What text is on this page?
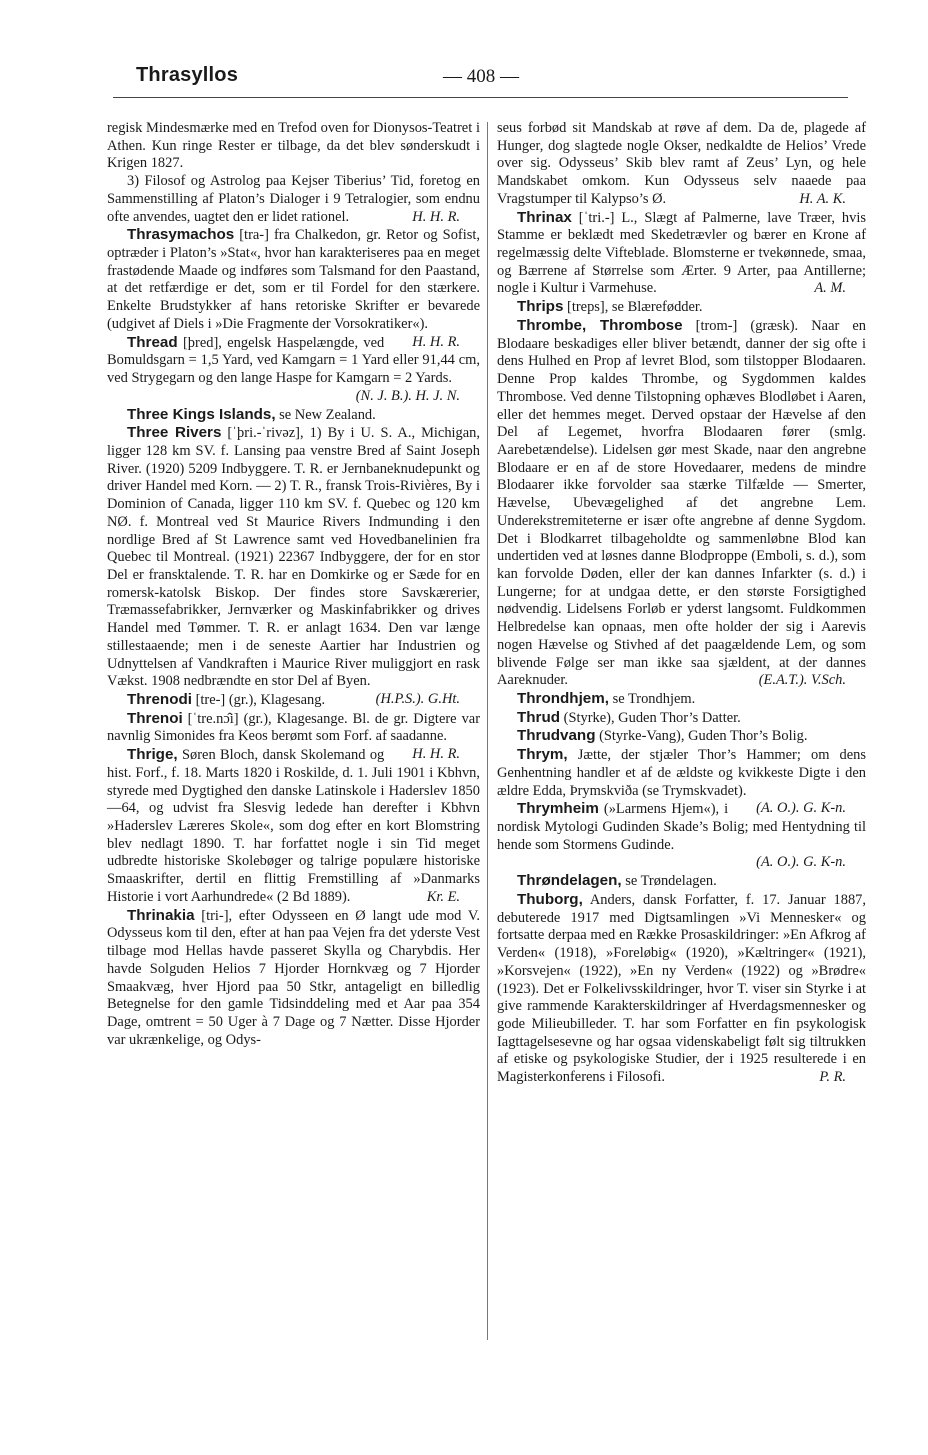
Thrasyllos	— 408 —

regisk Mindesmærke med en Trefod oven for Dionysos-Teatret i Athen. Kun ringe Rester er tilbage, da det blev sønderskudt i Krigen 1827.

3) Filosof og Astrolog paa Kejser Tiberius’ Tid, foretog en Sammenstilling af Platon’s Dialoger i 9 Tetralogier, som endnu ofte anvendes, uagtet den er lidet rationel.	H. H. R.

Thrasymachos [tra-] fra Chalkedon, gr. Retor og Sofist, optræder i Platon’s »Stat«, hvor han karakteriseres paa en meget frastødende Maade og indføres som Talsmand for den Paastand, at det retfærdige er det, som er til Fordel for den stærkere. Enkelte Brudstykker af hans retoriske Skrifter er bevarede (udgivet af Diels i »Die Fragmente der Vorsokratiker«).
H. H. R.

Thread [þred], engelsk Haspelængde, ved Bomuldsgarn = 1,5 Yard, ved Kamgarn = 1 Yard eller 91,44 cm, ved Strygegarn og den lange Haspe for Kamgarn = 2 Yards.

(N. J. B.). H. J. N.

Three Kings Islands, se New Zealand.

Three Rivers [ˈþri.-ˈrivəz], 1) By i U. S. A., Michigan, ligger 128 km SV. f. Lansing paa venstre Bred af Saint Joseph River. (1920) 5209 Indbyggere. T. R. er Jernbaneknudepunkt og driver Handel med Korn. — 2) T. R., fransk Trois-Rivières, By i Dominion of Canada, ligger 110 km SV. f. Quebec og 120 km NØ. f. Montreal ved St Maurice Rivers Indmunding i den nordlige Bred af St Lawrence samt ved Hovedbanelinien fra Quebec til Montreal. (1921) 22367 Indbyggere, der for en stor Del er fransktalende. T. R. har en Domkirke og er Sæde for en romersk-katolsk Biskop. Der findes store Savskærerier, Træmassefabrikker, Jernværker og Maskinfabrikker og drives Handel med Tømmer. T. R. er anlagt 1634. Den var længe stillestaaende; men i de seneste Aartier har Industrien og Udnyttelsen af Vandkraften i Maurice River muliggjort en rask Vækst. 1908 nedbrændte en stor Del af Byen.
(H.P.S.). G.Ht.

Threnodi [tre-] (gr.), Klagesang.

Threnoi [ˈtre.nɔ̂i] (gr.), Klagesange. Bl. de gr. Digtere var navnlig Simonides fra Keos berømt som Forf. af saadanne.
H. H. R.

Thrige, Søren Bloch, dansk Skolemand og hist. Forf., f. 18. Marts 1820 i Roskilde, d. 1. Juli 1901 i Kbhvn, styrede med Dygtighed den danske Latinskole i Haderslev 1850—64, og udvist fra Slesvig ledede han derefter i Kbhvn »Haderslev Læreres Skole«, som dog efter en kort Blomstring blev nedlagt 1890. T. har forfattet nogle i sin Tid meget udbredte historiske Skolebøger og talrige populære historiske Smaaskrifter, dertil en flittig Fremstilling af »Danmarks Historie i vort Aarhundrede« (2 Bd 1889).	Kr. E.

Thrinakia [tri-], efter Odysseen en Ø langt ude mod V. Odysseus kom til den, efter at han paa Vejen fra det yderste Vest tilbage mod Hellas havde passeret Skylla og Charybdis. Her havde Solguden Helios 7 Hjorder Hornkvæg og 7 Hjorder Smaakvæg, hver Hjord paa 50 Stkr, antageligt en billedlig Betegnelse for den gamle Tidsinddeling med et Aar paa 354 Dage, omtrent = 50 Uger à 7 Dage og 7 Nætter. Disse Hjorder var ukrænkelige, og Odys-

seus forbød sit Mandskab at røve af dem. Da de, plagede af Hunger, dog slagtede nogle Okser, nedkaldte de Helios’ Vrede over sig. Odysseus’ Skib blev ramt af Zeus’ Lyn, og hele Mandskabet omkom. Kun Odysseus selv naaede paa Vragstumper til Kalypso’s Ø.	H. A. K.

Thrinax [ˈtri.-] L., Slægt af Palmerne, lave Træer, hvis Stamme er beklædt med Skedetrævler og bærer en Krone af regelmæssig delte Vifteblade. Blomsterne er tvekønnede, smaa, og Bærrene af Størrelse som Ærter. 9 Arter, paa Antillerne; nogle i Kultur i Varmehuse.	A. M.

Thrips [treps], se Blærefødder.

Thrombe, Thrombose [trom-] (græsk). Naar en Blodaare beskadiges eller bliver betændt, danner der sig ofte i dens Hulhed en Prop af levret Blod, som tilstopper Blodaaren. Denne Prop kaldes Thrombe, og Sygdommen kaldes Thrombose. Ved denne Tilstopning ophæves Blodløbet i Aaren, eller det hemmes meget. Derved opstaar der Hævelse af den Del af Legemet, hvorfra Blodaaren fører (smlg. Aarebetændelse). Lidelsen gør mest Skade, naar den angrebne Blodaare er en af de store Hovedaarer, medens de mindre Blodaarer ikke forvolder saa stærke Tilfælde — Smerter, Hævelse, Ubevægelighed af det angrebne Lem. Underekstremiteterne er især ofte angrebne af denne Sygdom. Det i Blodkarret tilbageholdte og sammenløbne Blod kan undertiden ved at løsnes danne Blodproppe (Emboli, s. d.), som kan forvolde Døden, eller der kan dannes Infarkter (s. d.) i Lungerne; for at undgaa dette, er den største Forsigtighed nødvendig. Lidelsens Forløb er yderst langsomt. Fuldkommen Helbredelse kan opnaas, men ofte holder der sig i Aarevis nogen Hævelse og Stivhed af det paagældende Lem, og som blivende Følge ser man ikke saa sjældent, at der dannes Aareknuder.	(E.A.T.). V.Sch.

Throndhjem, se Trondhjem.

Thrud (Styrke), Guden Thor’s Datter.

Thrudvang (Styrke-Vang), Guden Thor’s Bolig.

Thrym, Jætte, der stjæler Thor’s Hammer; om dens Genhentning handler et af de ældste og kvikkeste Digte i den ældre Edda, Þrymskviða (se Trymskvadet).
(A. O.). G. K-n.

Thrymheim (»Larmens Hjem«), i nordisk Mytologi Gudinden Skade’s Bolig; med Hentydning til hende som Stormens Gudinde.

(A. O.). G. K-n.

Thrøndelagen, se Trøndelagen.

Thuborg, Anders, dansk Forfatter, f. 17. Januar 1887, debuterede 1917 med Digtsamlingen »Vi Mennesker« og fortsatte derpaa med en Række Prosaskildringer: »En Afkrog af Verden« (1918), »Foreløbig« (1920), »Kæltringer« (1921), »Korsvejen« (1922), »En ny Verden« (1922) og »Brødre« (1923). Det er Folkelivsskildringer, hvor T. viser sin Styrke i at give rammende Karakterskildringer af Hverdagsmennesker og gode Milieubilleder. T. har som Forfatter en fin psykologisk Iagttagelsesevne og har ogsaa videnskabeligt følt sig tiltrukken af etiske og psykologiske Studier, der i 1925 resulterede i en Magisterkonferens i Filosofi.	P. R.
